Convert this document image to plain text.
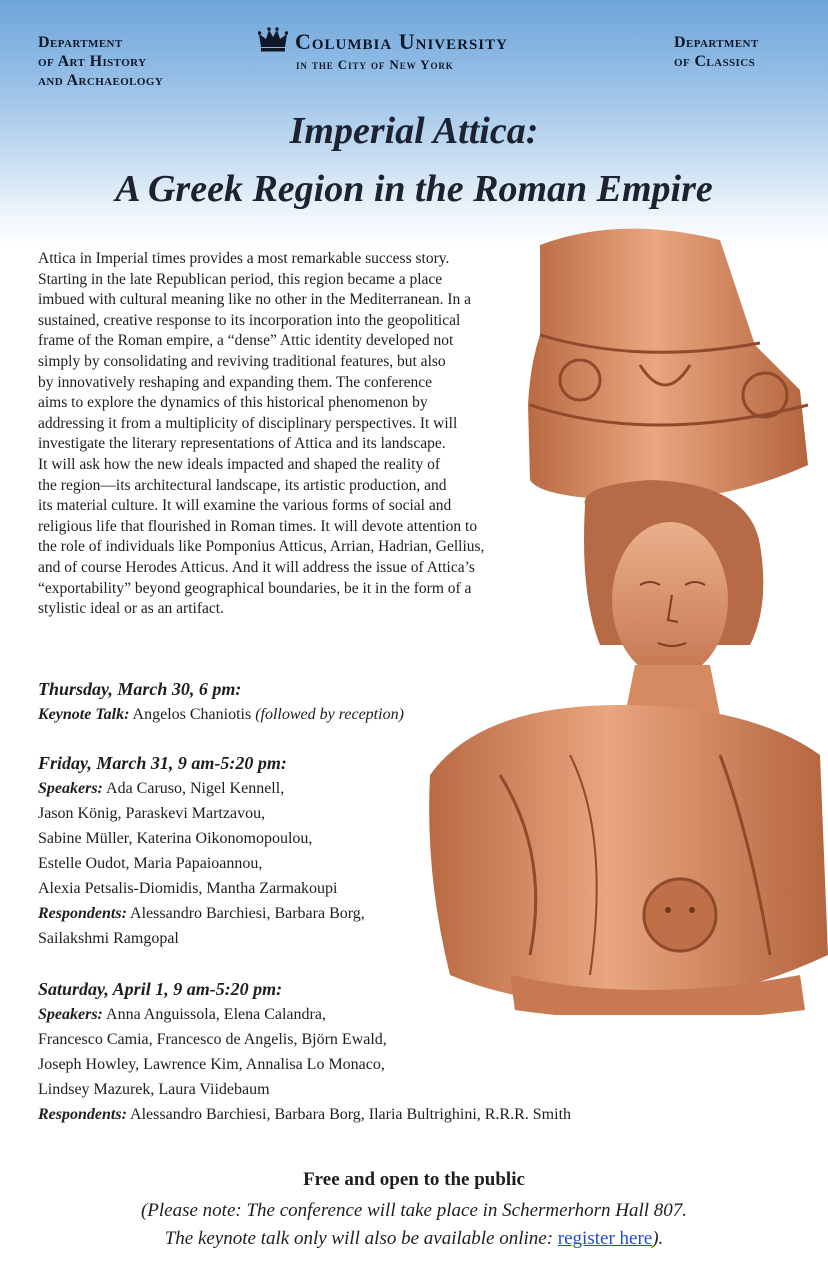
Department
of Art History
and Archaeology
Columbia University
in the City of New York
Department
of Classics
Imperial Attica:
A Greek Region in the Roman Empire
Attica in Imperial times provides a most remarkable success story.
Starting in the late Republican period, this region became a place
imbued with cultural meaning like no other in the Mediterranean. In a
sustained, creative response to its incorporation into the geopolitical
frame of the Roman empire, a “dense” Attic identity developed not
simply by consolidating and reviving traditional features, but also
by innovatively reshaping and expanding them. The conference
aims to explore the dynamics of this historical phenomenon by
addressing it from a multiplicity of disciplinary perspectives. It will
investigate the literary representations of Attica and its landscape.
It will ask how the new ideals impacted and shaped the reality of
the region—its architectural landscape, its artistic production, and
its material culture. It will examine the various forms of social and
religious life that flourished in Roman times. It will devote attention to
the role of individuals like Pomponius Atticus, Arrian, Hadrian, Gellius,
and of course Herodes Atticus. And it will address the issue of Attica’s
“exportability” beyond geographical boundaries, be it in the form of a
stylistic ideal or as an artifact.
Thursday, March 30, 6 pm:
Keynote Talk: Angelos Chaniotis (followed by reception)
Friday, March 31, 9 am-5:20 pm:
Speakers: Ada Caruso, Nigel Kennell,
Jason König, Paraskevi Martzavou,
Sabine Müller, Katerina Oikonomopoulou,
Estelle Oudot, Maria Papaioannou,
Alexia Petsalis-Diomidis, Mantha Zarmakoupi
Respondents: Alessandro Barchiesi, Barbara Borg,
Sailakshmi Ramgopal
Saturday, April 1, 9 am-5:20 pm:
Speakers: Anna Anguissola, Elena Calandra,
Francesco Camia, Francesco de Angelis, Björn Ewald,
Joseph Howley, Lawrence Kim, Annalisa Lo Monaco,
Lindsey Mazurek, Laura Viidebaum
Respondents: Alessandro Barchiesi, Barbara Borg, Ilaria Bultrighini, R.R.R. Smith
Free and open to the public
(Please note: The conference will take place in Schermerhorn Hall 807.
The keynote talk only will also be available online: register here).
